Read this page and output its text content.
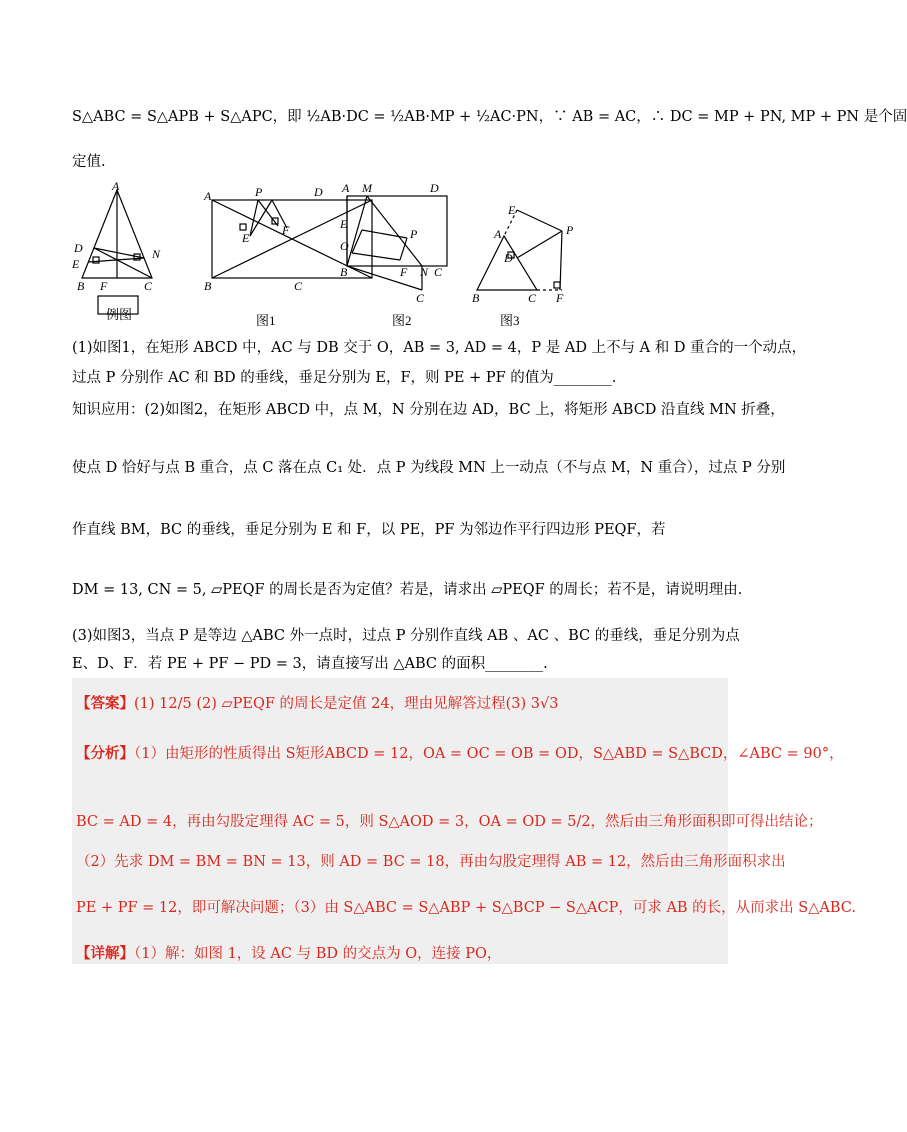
S△ABC = S△APB + S△APC，即 ½AB·DC = ½AB·MP + ½AC·PN，∵ AB = AC，∴ DC = MP + PN, MP + PN 是个固
定值.
A
D
E
N
B F	C
A	P	D
E
F
B	C
A M	D
E
P
O
B	F N C
C
E
A
D
P
B	C F
例图	图1	图2	图3
(1)如图1，在矩形 ABCD 中，AC 与 DB 交于 O，AB = 3, AD = 4，P 是 AD 上不与 A 和 D 重合的一个动点，
过点 P 分别作 AC 和 BD 的垂线，垂足分别为 E，F，则 PE + PF 的值为________.
知识应用：(2)如图2，在矩形 ABCD 中，点 M，N 分别在边 AD，BC 上，将矩形 ABCD 沿直线 MN 折叠，
使点 D 恰好与点 B 重合，点 C 落在点 C₁ 处．点 P 为线段 MN 上一动点（不与点 M，N 重合），过点 P 分别
作直线 BM，BC 的垂线，垂足分别为 E 和 F，以 PE，PF 为邻边作平行四边形 PEQF，若
DM = 13, CN = 5, ▱PEQF 的周长是否为定值？若是，请求出 ▱PEQF 的周长；若不是，请说明理由.
(3)如图3，当点 P 是等边 △ABC 外一点时，过点 P 分别作直线 AB 、AC 、BC 的垂线，垂足分别为点
E、D、F．若 PE + PF − PD = 3，请直接写出 △ABC 的面积________.
【答案】(1) 12/5 (2) ▱PEQF 的周长是定值 24，理由见解答过程(3) 3√3
【分析】（1）由矩形的性质得出 S矩形ABCD = 12，OA = OC = OB = OD，S△ABD = S△BCD，∠ABC = 90°，
BC = AD = 4，再由勾股定理得 AC = 5，则 S△AOD = 3，OA = OD = 5/2，然后由三角形面积即可得出结论；
（2）先求 DM = BM = BN = 13，则 AD = BC = 18，再由勾股定理得 AB = 12，然后由三角形面积求出
PE + PF = 12，即可解决问题；（3）由 S△ABC = S△ABP + S△BCP − S△ACP，可求 AB 的长，从而求出 S△ABC.
【详解】（1）解：如图 1，设 AC 与 BD 的交点为 O，连接 PO，
